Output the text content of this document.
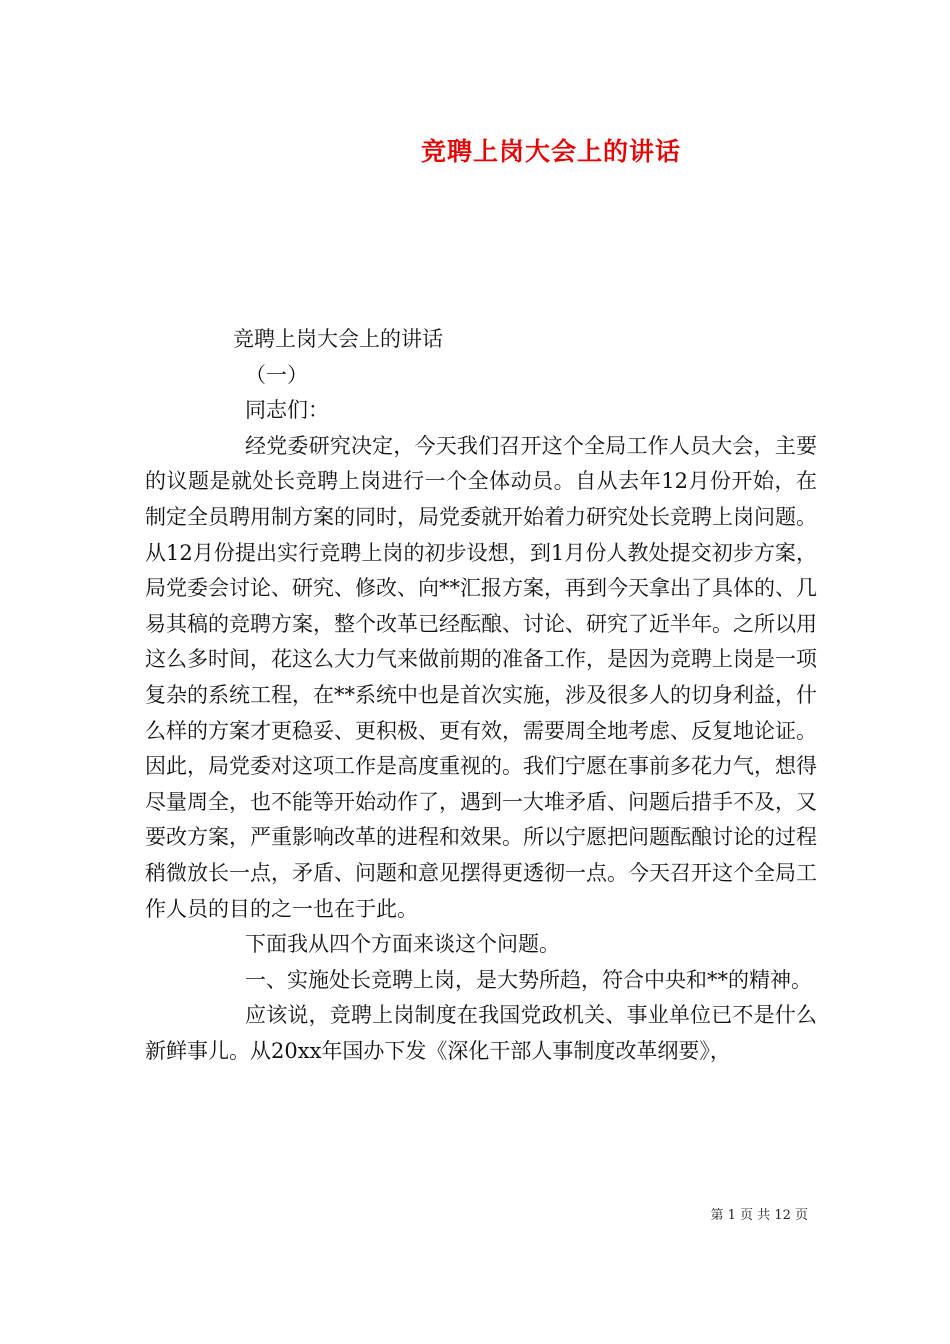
竞聘上岗大会上的讲话

竞聘上岗大会上的讲话

（一）

同志们：

经党委研究决定，今天我们召开这个全局工作人员大会，主要的议题是就处长竞聘上岗进行一个全体动员。自从去年12月份开始，在制定全员聘用制方案的同时，局党委就开始着力研究处长竞聘上岗问题。从12月份提出实行竞聘上岗的初步设想，到1月份人教处提交初步方案，局党委会讨论、研究、修改、向**汇报方案，再到今天拿出了具体的、几易其稿的竞聘方案，整个改革已经酝酿、讨论、研究了近半年。之所以用这么多时间，花这么大力气来做前期的准备工作，是因为竞聘上岗是一项复杂的系统工程，在**系统中也是首次实施，涉及很多人的切身利益，什么样的方案才更稳妥、更积极、更有效，需要周全地考虑、反复地论证。因此，局党委对这项工作是高度重视的。我们宁愿在事前多花力气，想得尽量周全，也不能等开始动作了，遇到一大堆矛盾、问题后措手不及，又要改方案，严重影响改革的进程和效果。所以宁愿把问题酝酿讨论的过程稍微放长一点，矛盾、问题和意见摆得更透彻一点。今天召开这个全局工作人员的目的之一也在于此。

下面我从四个方面来谈这个问题。

一、实施处长竞聘上岗，是大势所趋，符合中央和**的精神。

应该说，竞聘上岗制度在我国党政机关、事业单位已不是什么新鲜事儿。从20xx年国办下发《深化干部人事制度改革纲要》，

第 1 页 共 12 页
